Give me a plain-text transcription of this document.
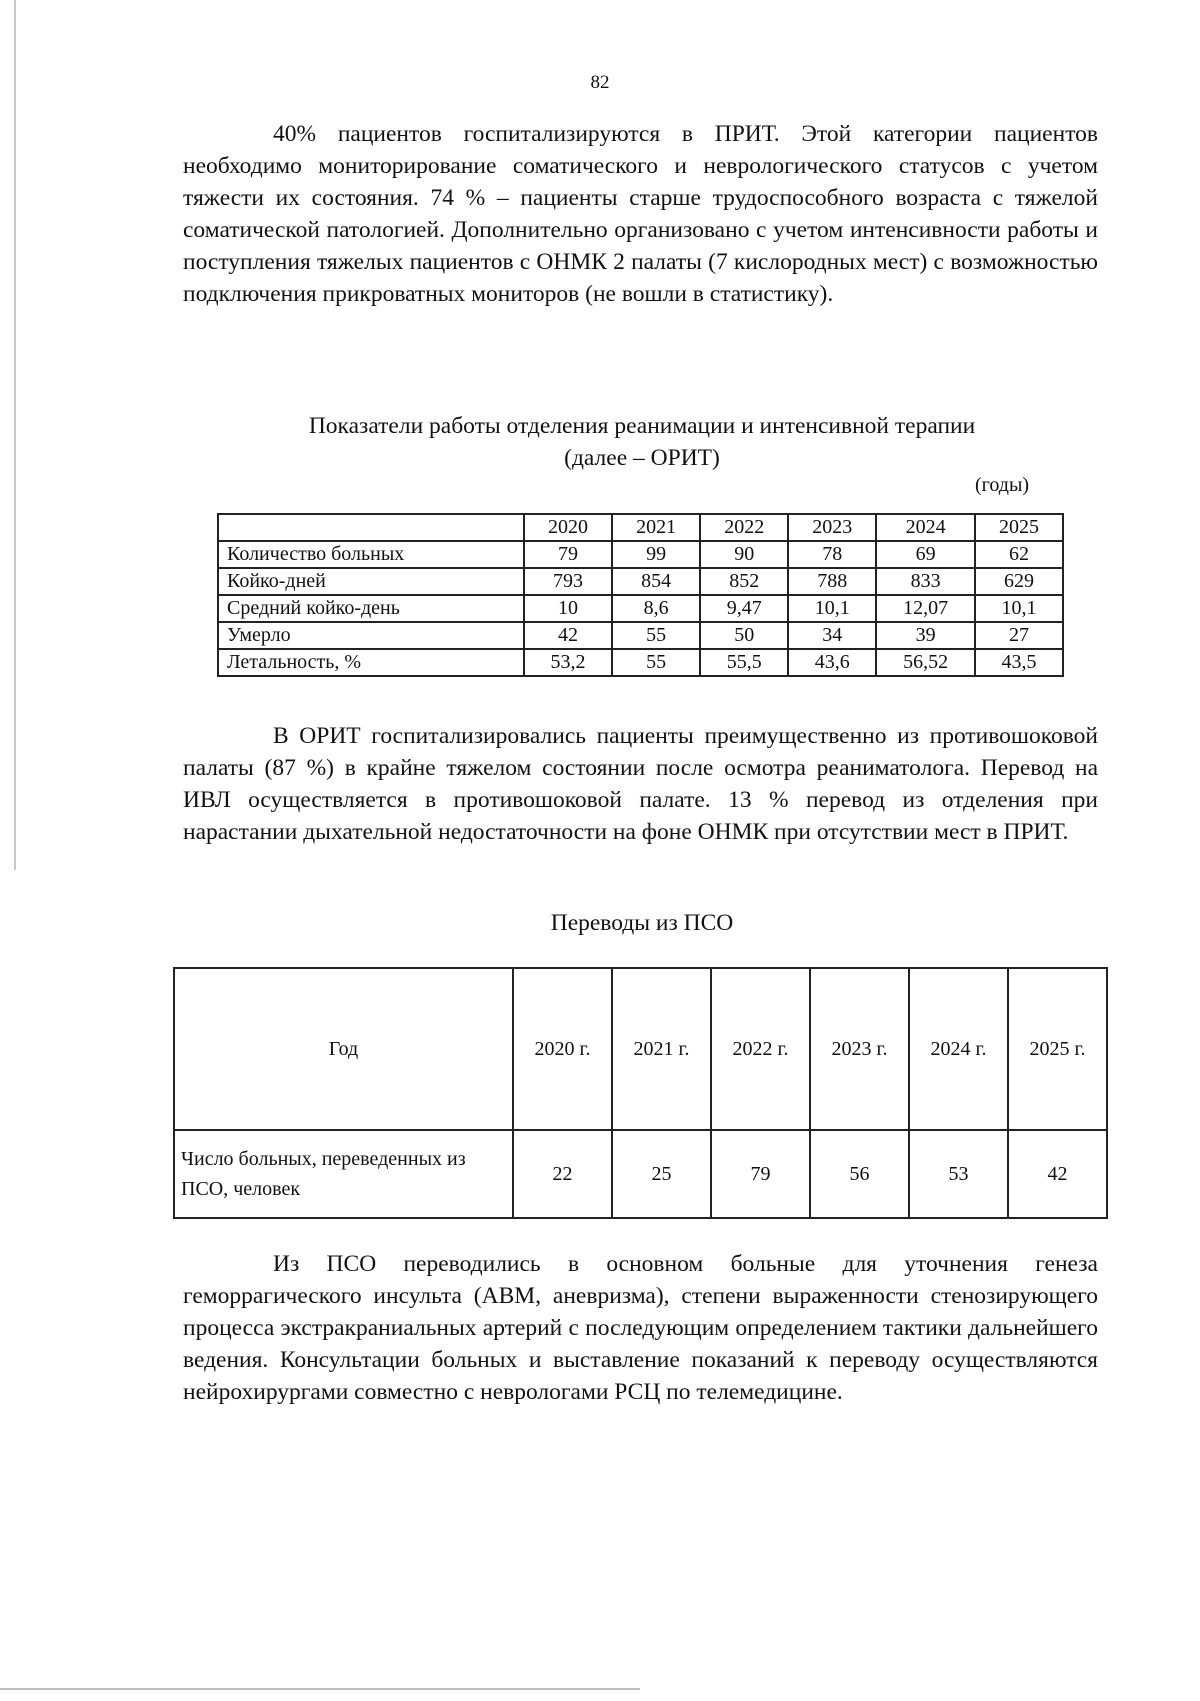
82

40% пациентов госпитализируются в ПРИТ. Этой категории пациентов необходимо мониторирование соматического и неврологического статусов с учетом тяжести их состояния. 74 % – пациенты старше трудоспособного возраста с тяжелой соматической патологией. Дополнительно организовано с учетом интенсивности работы и поступления тяжелых пациентов с ОНМК 2 палаты (7 кислородных мест) с возможностью подключения прикроватных мониторов (не вошли в статистику).

Показатели работы отделения реанимации и интенсивной терапии
(далее – ОРИТ)

(годы)
	2020	2021	2022	2023	2024	2025
Количество больных	79	99	90	78	69	62
Койко-дней	793	854	852	788	833	629
Средний койко-день	10	8,6	9,47	10,1	12,07	10,1
Умерло	42	55	50	34	39	27
Летальность, %	53,2	55	55,5	43,6	56,52	43,5

В ОРИТ госпитализировались пациенты преимущественно из противошоковой палаты (87 %) в крайне тяжелом состоянии после осмотра реаниматолога. Перевод на ИВЛ осуществляется в противошоковой палате. 13 % перевод из отделения при нарастании дыхательной недостаточности на фоне ОНМК при отсутствии мест в ПРИТ.

Переводы из ПСО

Год	2020 г.	2021 г.	2022 г.	2023 г.	2024 г.	2025 г.
Число больных, переведенных из ПСО, человек	22	25	79	56	53	42

Из ПСО переводились в основном больные для уточнения генеза геморрагического инсульта (АВМ, аневризма), степени выраженности стенозирующего процесса экстракраниальных артерий с последующим определением тактики дальнейшего ведения. Консультации больных и выставление показаний к переводу осуществляются нейрохирургами совместно с неврологами РСЦ по телемедицине.
